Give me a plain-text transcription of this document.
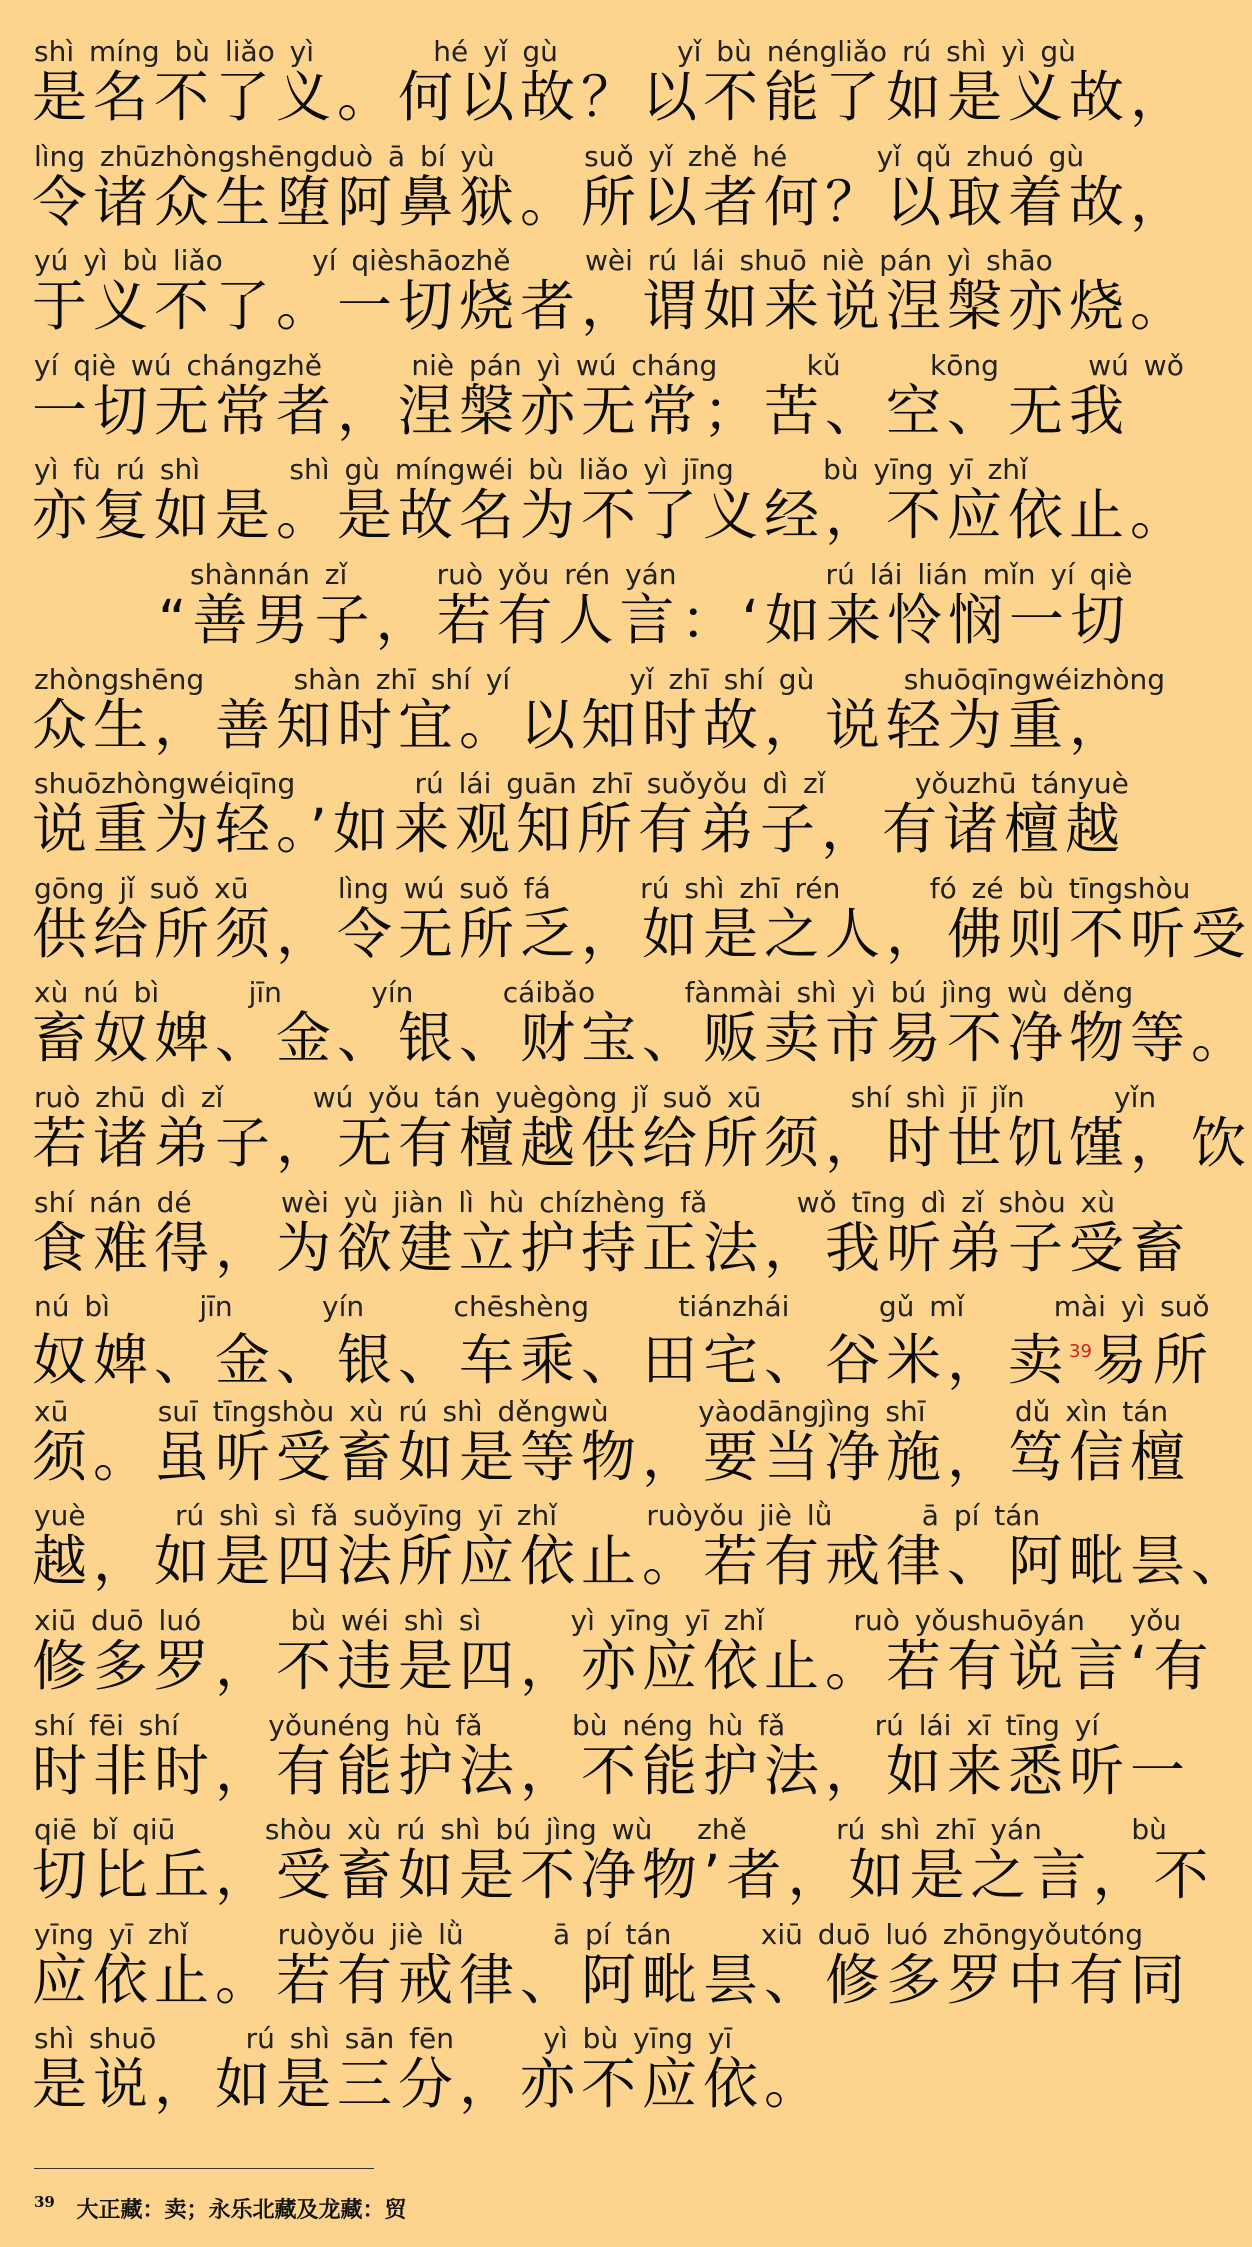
shì míng bù liǎo yì        hé yǐ gù        yǐ bù néngliǎo rú shì yì gù
是名不了义。何以故？以不能了如是义故，
lìng zhūzhòngshēngduò ā bí yù      suǒ yǐ zhě hé      yǐ qǔ zhuó gù
令诸众生堕阿鼻狱。所以者何？以取着故，
yú yì bù liǎo      yí qièshāozhě     wèi rú lái shuō niè pán yì shāo
于义不了。一切烧者，谓如来说涅槃亦烧。
yí qiè wú chángzhě      niè pán yì wú cháng      kǔ      kōng      wú wǒ
一切无常者，涅槃亦无常；苦、空、无我
yì fù rú shì      shì gù míngwéi bù liǎo yì jīng      bù yīng yī zhǐ
亦复如是。是故名为不了义经，不应依止。
shànnán zǐ      ruò yǒu rén yán          rú lái lián mǐn yí qiè
“善男子，若有人言：‘如来怜悯一切
zhòngshēng      shàn zhī shí yí        yǐ zhī shí gù      shuōqīngwéizhòng
众生，善知时宜。以知时故，说轻为重，
shuōzhòngwéiqīng        rú lái guān zhī suǒyǒu dì zǐ      yǒuzhū tányuè
说重为轻。’如来观知所有弟子，有诸檀越
gōng jǐ suǒ xū      lìng wú suǒ fá      rú shì zhī rén      fó zé bù tīngshòu
供给所须，令无所乏，如是之人，佛则不听受
xù nú bì      jīn      yín      cáibǎo      fànmài shì yì bú jìng wù děng
畜奴婢、金、银、财宝、贩卖市易不净物等。
ruò zhū dì zǐ      wú yǒu tán yuègòng jǐ suǒ xū      shí shì jī jǐn      yǐn
若诸弟子，无有檀越供给所须，时世饥馑，饮
shí nán dé      wèi yù jiàn lì hù chízhèng fǎ      wǒ tīng dì zǐ shòu xù
食难得，为欲建立护持正法，我听弟子受畜
nú bì      jīn      yín      chēshèng      tiánzhái      gǔ mǐ      mài yì suǒ
奴婢、金、银、车乘、田宅、谷米，卖$^{39}$易所
xū      suī tīngshòu xù rú shì děngwù      yàodāngjìng shī      dǔ xìn tán
须。虽听受畜如是等物，要当净施，笃信檀
yuè      rú shì sì fǎ suǒyīng yī zhǐ      ruòyǒu jiè lǜ      ā pí tán
越，如是四法所应依止。若有戒律、阿毗昙、
xiū duō luó      bù wéi shì sì      yì yīng yī zhǐ      ruò yǒushuōyán   yǒu
修多罗，不违是四，亦应依止。若有说言‘有
shí fēi shí      yǒunéng hù fǎ      bù néng hù fǎ      rú lái xī tīng yí
时非时，有能护法，不能护法，如来悉听一
qiē bǐ qiū      shòu xù rú shì bú jìng wù   zhě      rú shì zhī yán      bù
切比丘，受畜如是不净物’者，如是之言，不
yīng yī zhǐ      ruòyǒu jiè lǜ      ā pí tán      xiū duō luó zhōngyǒutóng
应依止。若有戒律、阿毗昙、修多罗中有同
shì shuō      rú shì sān fēn      yì bù yīng yī
是说，如是三分，亦不应依。
$^{39}$ 大正藏：卖；永乐北藏及龙藏：贸
